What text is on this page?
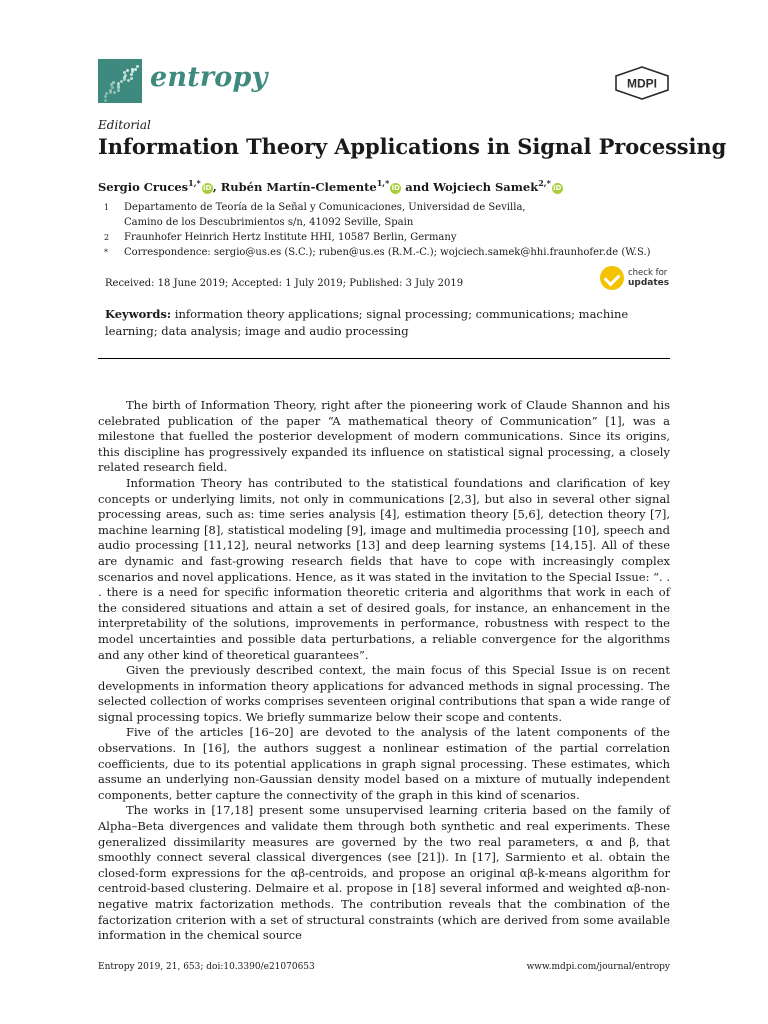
entropy	MDPI
Editorial
Information Theory Applications in Signal Processing
Sergio Cruces$^{1,*}$ iD, Rubén Martín-Clemente$^{1,*}$ iD and Wojciech Samek$^{2,*}$ iD
1	Departamento de Teoría de la Señal y Comunicaciones, Universidad de Sevilla,
Camino de los Descubrimientos s/n, 41092 Seville, Spain
2	Fraunhofer Heinrich Hertz Institute HHI, 10587 Berlin, Germany
*	Correspondence: sergio@us.es (S.C.); ruben@us.es (R.M.-C.); wojciech.samek@hhi.fraunhofer.de (W.S.)
Received: 18 June 2019; Accepted: 1 July 2019; Published: 3 July 2019
check for
updates
Keywords: information theory applications; signal processing; communications; machine learning; data analysis; image and audio processing

The birth of Information Theory, right after the pioneering work of Claude Shannon and his celebrated publication of the paper “A mathematical theory of Communication” [1], was a milestone that fuelled the posterior development of modern communications. Since its origins, this discipline has progressively expanded its influence on statistical signal processing, a closely related research field.

Information Theory has contributed to the statistical foundations and clarification of key concepts or underlying limits, not only in communications [2,3], but also in several other signal processing areas, such as: time series analysis [4], estimation theory [5,6], detection theory [7], machine learning [8], statistical modeling [9], image and multimedia processing [10], speech and audio processing [11,12], neural networks [13] and deep learning systems [14,15]. All of these are dynamic and fast-growing research fields that have to cope with increasingly complex scenarios and novel applications. Hence, as it was stated in the invitation to the Special Issue: “. . . there is a need for specific information theoretic criteria and algorithms that work in each of the considered situations and attain a set of desired goals, for instance, an enhancement in the interpretability of the solutions, improvements in performance, robustness with respect to the model uncertainties and possible data perturbations, a reliable convergence for the algorithms and any other kind of theoretical guarantees”.

Given the previously described context, the main focus of this Special Issue is on recent developments in information theory applications for advanced methods in signal processing. The selected collection of works comprises seventeen original contributions that span a wide range of signal processing topics. We briefly summarize below their scope and contents.

Five of the articles [16–20] are devoted to the analysis of the latent components of the observations. In [16], the authors suggest a nonlinear estimation of the partial correlation coefficients, due to its potential applications in graph signal processing. These estimates, which assume an underlying non-Gaussian density model based on a mixture of mutually independent components, better capture the connectivity of the graph in this kind of scenarios.

The works in [17,18] present some unsupervised learning criteria based on the family of Alpha–Beta divergences and validate them through both synthetic and real experiments. These generalized dissimilarity measures are governed by the two real parameters, α and β, that smoothly connect several classical divergences (see [21]). In [17], Sarmiento et al. obtain the closed-form expressions for the αβ-centroids, and propose an original αβ-k-means algorithm for centroid-based clustering. Delmaire et al. propose in [18] several informed and weighted αβ-non-negative matrix factorization methods. The contribution reveals that the combination of the factorization criterion with a set of structural constraints (which are derived from some available information in the chemical source

Entropy 2019, 21, 653; doi:10.3390/e21070653	www.mdpi.com/journal/entropy
